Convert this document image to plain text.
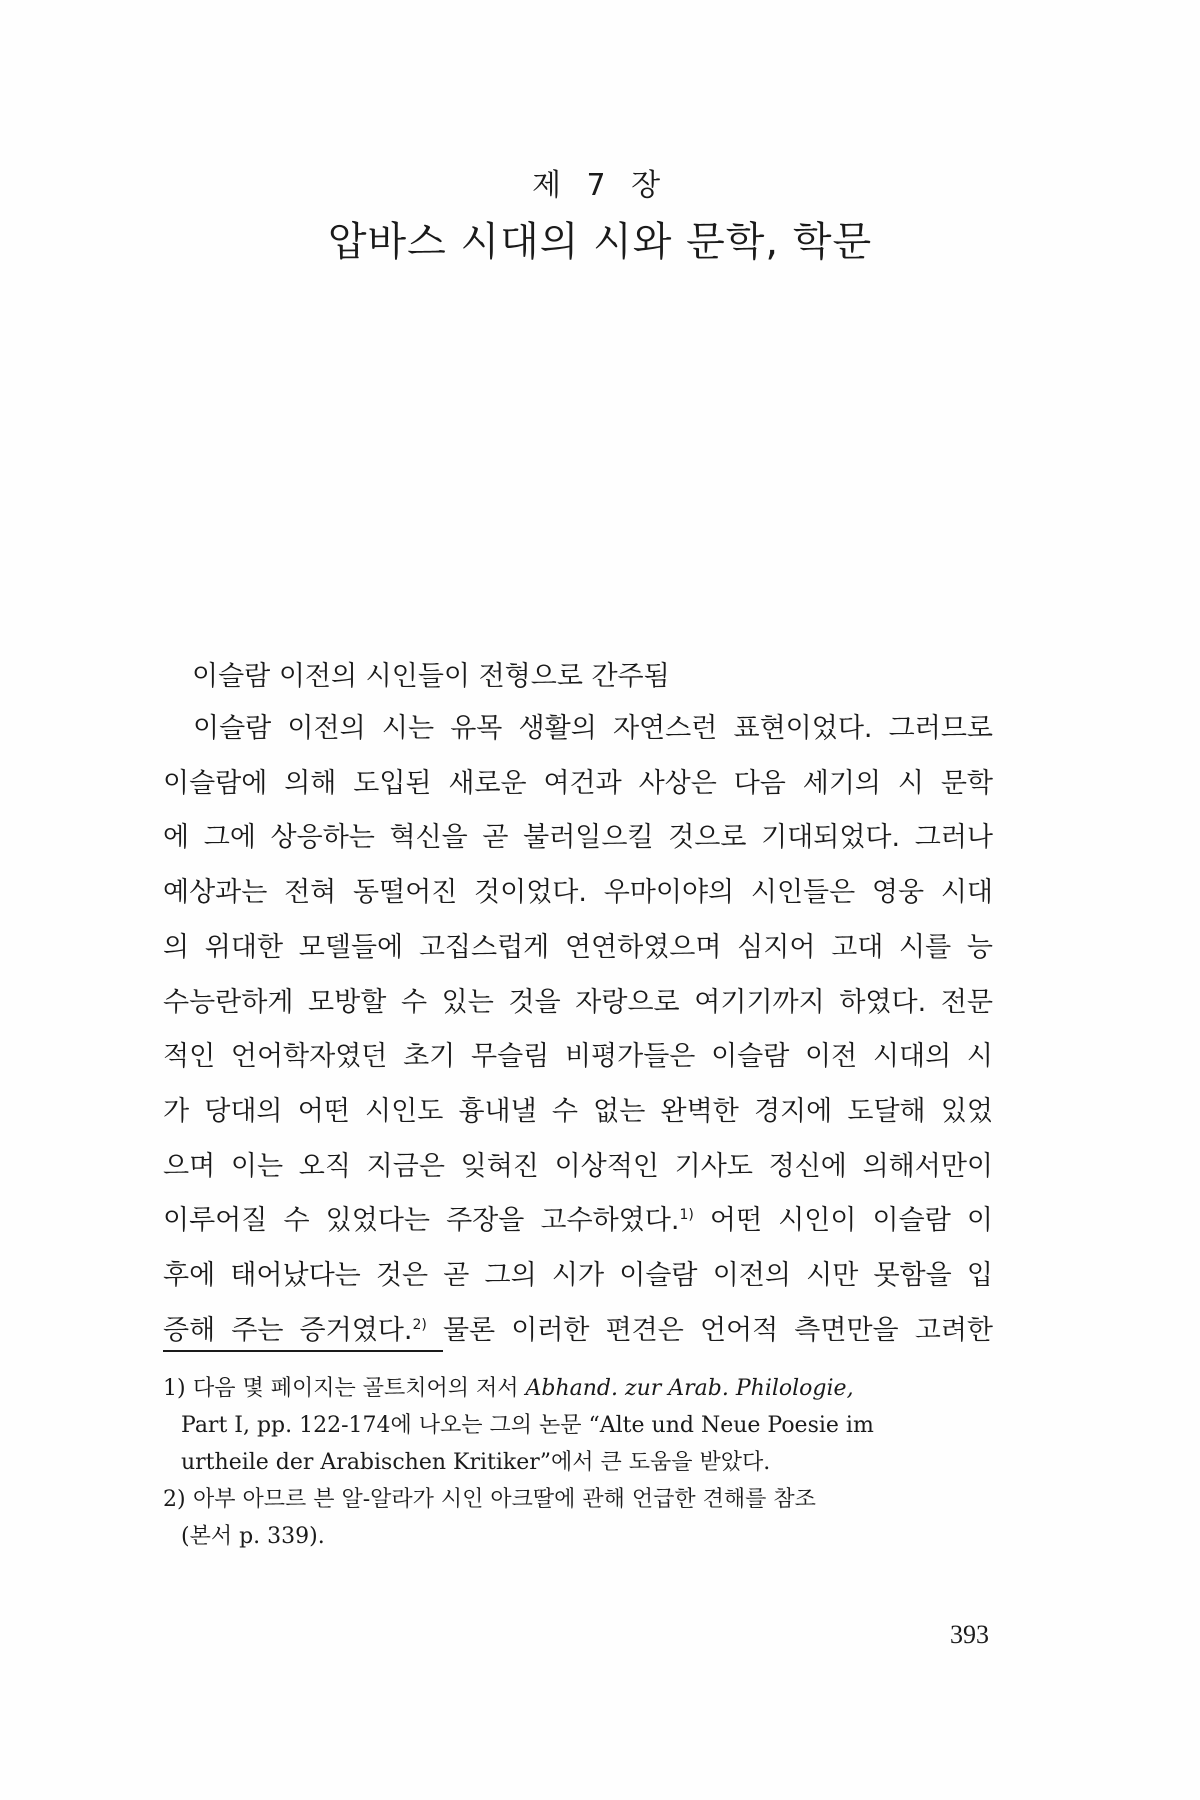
제 7 장
압바스 시대의 시와 문학, 학문
이슬람 이전의 시인들이 전형으로 간주됨
이슬람 이전의 시는 유목 생활의 자연스런 표현이었다. 그러므로
이슬람에 의해 도입된 새로운 여건과 사상은 다음 세기의 시 문학
에 그에 상응하는 혁신을 곧 불러일으킬 것으로 기대되었다. 그러나
예상과는 전혀 동떨어진 것이었다. 우마이야의 시인들은 영웅 시대
의 위대한 모델들에 고집스럽게 연연하였으며 심지어 고대 시를 능
수능란하게 모방할 수 있는 것을 자랑으로 여기기까지 하였다. 전문
적인 언어학자였던 초기 무슬림 비평가들은 이슬람 이전 시대의 시
가 당대의 어떤 시인도 흉내낼 수 없는 완벽한 경지에 도달해 있었
으며 이는 오직 지금은 잊혀진 이상적인 기사도 정신에 의해서만이
이루어질 수 있었다는 주장을 고수하였다.$^{1)}$ 어떤 시인이 이슬람 이
후에 태어났다는 것은 곧 그의 시가 이슬람 이전의 시만 못함을 입
증해 주는 증거였다.$^{2)}$ 물론 이러한 편견은 언어적 측면만을 고려한
1) 다음 몇 페이지는 골트치어의 저서 Abhand. zur Arab. Philologie,
Part I, pp. 122-174에 나오는 그의 논문 “Alte und Neue Poesie im
urtheile der Arabischen Kritiker”에서 큰 도움을 받았다.
2) 아부 아므르 븐 알-알라가 시인 아크딸에 관해 언급한 견해를 참조
(본서 p. 339).
393
